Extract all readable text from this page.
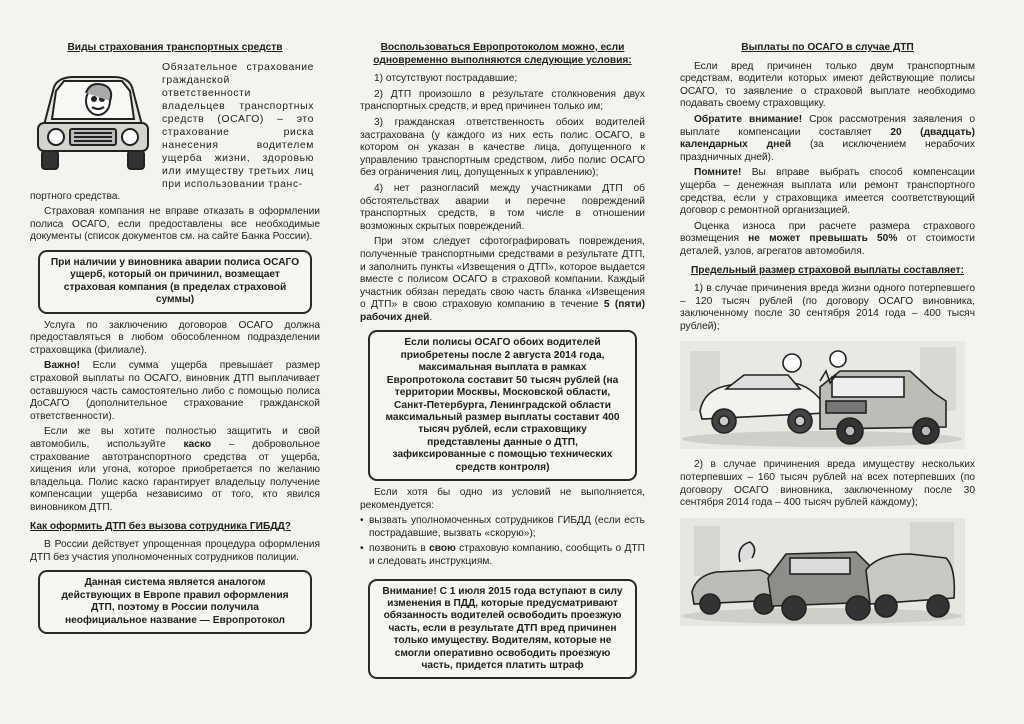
Виды страхования транспортных средств
Обязательное страхование гражданской ответственности владельцев транспортных средств (ОСАГО) – это страхование риска нанесения водителем ущерба жизни, здоровью или имуществу третьих лиц при использовании транс-

портного средства.

Страховая компания не вправе отказать в оформлении полиса ОСАГО, если предоставлены все необходимые документы (список документов см. на сайте Банка России).

При наличии у виновника аварии полиса ОСАГО ущерб, который он причинил, возмещает страховая компания (в пределах страховой суммы)

Услуга по заключению договоров ОСАГО должна предоставляться в любом обособленном подразделении страховщика (филиале).

Важно! Если сумма ущерба превышает размер страховой выплаты по ОСАГО, виновник ДТП выплачивает оставшуюся часть самостоятельно либо с помощью полиса ДоСАГО (дополнительное страхование гражданской ответственности).

Если же вы хотите полностью защитить и свой автомобиль, используйте каско – добровольное страхование автотранспортного средства от ущерба, хищения или угона, которое приобретается по желанию владельца. Полис каско гарантирует владельцу получение компенсации ущерба независимо от того, кто явился виновником ДТП.

Как оформить ДТП без вызова сотрудника ГИБДД?

В России действует упрощенная процедура оформления ДТП без участия уполномоченных сотрудников полиции.

Данная система является аналогом действующих в Европе правил оформления ДТП, поэтому в России получила неофициальное название — Европротокол
Воспользоваться Европротоколом можно, если одновременно выполняются следующие условия:

1) отсутствуют пострадавшие;

2) ДТП произошло в результате столкновения двух транспортных средств, и вред причинен только им;

3) гражданская ответственность обоих водителей застрахована (у каждого из них есть полис ОСАГО, в котором он указан в качестве лица, допущенного к управлению транспортным средством, либо полис ОСАГО без ограничения лиц, допущенных к управлению);

4) нет разногласий между участниками ДТП об обстоятельствах аварии и перечне повреждений транспортных средств, в том числе в отношении возможных скрытых повреждений.

При этом следует сфотографировать повреждения, полученные транспортными средствами в результате ДТП, и заполнить пункты «Извещения о ДТП», которое выдается вместе с полисом ОСАГО в страховой компании. Каждый участник обязан передать свою часть бланка «Извещения о ДТП» в свою страховую компанию в течение 5 (пяти) рабочих дней.

Если полисы ОСАГО обоих водителей приобретены после 2 августа 2014 года, максимальная выплата в рамках Европротокола составит 50 тысяч рублей (на территории Москвы, Московской области, Санкт-Петербурга, Ленинградской области максимальный размер выплаты составит 400 тысяч рублей, если страховщику представлены данные о ДТП, зафиксированные с помощью технических средств контроля)

Если хотя бы одно из условий не выполняется, рекомендуется:

• вызвать уполномоченных сотрудников ГИБДД (если есть пострадавшие, вызвать «скорую»);

• позвонить в свою страховую компанию, сообщить о ДТП и следовать инструкциям.

Внимание! С 1 июля 2015 года вступают в силу изменения в ПДД, которые предусматривают обязанность водителей освободить проезжую часть, если в результате ДТП вред причинен только имуществу. Водителям, которые не смогли оперативно освободить проезжую часть, придется платить штраф
Выплаты по ОСАГО в случае ДТП

Если вред причинен только двум транспортным средствам, водители которых имеют действующие полисы ОСАГО, то заявление о страховой выплате необходимо подавать своему страховщику.

Обратите внимание! Срок рассмотрения заявления о выплате компенсации составляет 20 (двадцать) календарных дней (за исключением нерабочих праздничных дней).

Помните! Вы вправе выбрать способ компенсации ущерба – денежная выплата или ремонт транспортного средства, если у страховщика имеется соответствующий договор с ремонтной организацией.

Оценка износа при расчете размера страхового возмещения не может превышать 50% от стоимости деталей, узлов, агрегатов автомобиля.

Предельный размер страховой выплаты составляет:

1) в случае причинения вреда жизни одного потерпевшего – 120 тысяч рублей (по договору ОСАГО виновника, заключенному после 30 сентября 2014 года – 400 тысяч рублей);

2) в случае причинения вреда имуществу нескольких потерпевших – 160 тысяч рублей на всех потерпевших (по договору ОСАГО виновника, заключенному после 30 сентября 2014 года – 400 тысяч рублей каждому);
